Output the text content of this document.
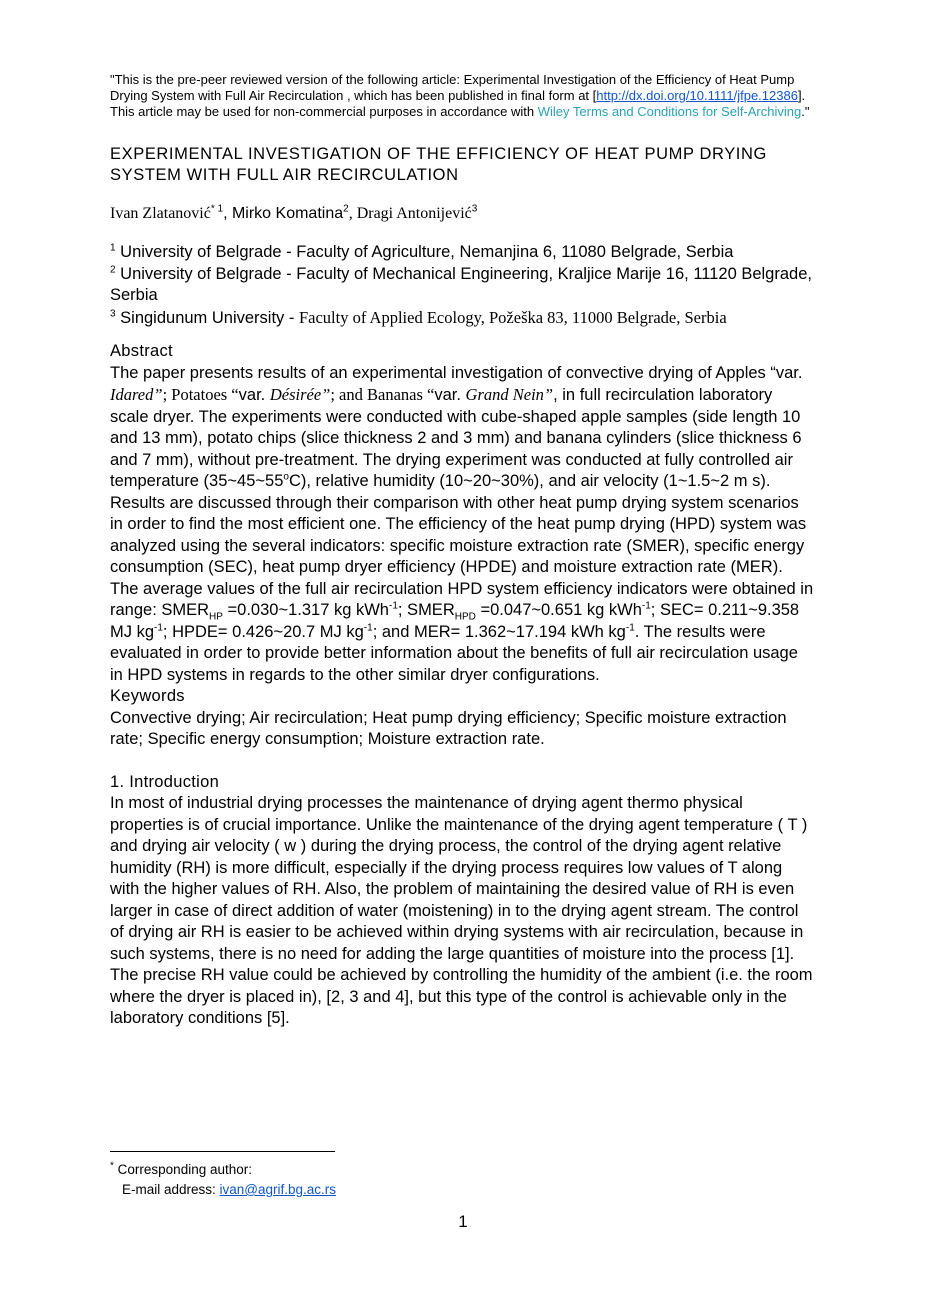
"This is the pre-peer reviewed version of the following article: Experimental Investigation of the Efficiency of Heat Pump Drying System with Full Air Recirculation , which has been published in final form at [http://dx.doi.org/10.1111/jfpe.12386]. This article may be used for non-commercial purposes in accordance with Wiley Terms and Conditions for Self-Archiving."
EXPERIMENTAL INVESTIGATION OF THE EFFICIENCY OF HEAT PUMP DRYING SYSTEM WITH FULL AIR RECIRCULATION
Ivan Zlatanović$^{* 1}$, Mirko Komatina$^2$, Dragi Antonijević$^3$
$^1$ University of Belgrade - Faculty of Agriculture, Nemanjina 6, 11080 Belgrade, Serbia
$^2$ University of Belgrade - Faculty of Mechanical Engineering, Kraljice Marije 16, 11120 Belgrade, Serbia
$^3$ Singidunum University - Faculty of Applied Ecology, Požeška 83, 11000 Belgrade, Serbia
Abstract
The paper presents results of an experimental investigation of convective drying of Apples “var. Idared”; Potatoes “var. Désirée”; and Bananas “var. Grand Nein”, in full recirculation laboratory scale dryer. The experiments were conducted with cube-shaped apple samples (side length 10 and 13 mm), potato chips (slice thickness 2 and 3 mm) and banana cylinders (slice thickness 6 and 7 mm), without pre-treatment. The drying experiment was conducted at fully controlled air temperature (35~45~55$^o$C), relative humidity (10~20~30%), and air velocity (1~1.5~2 m s). Results are discussed through their comparison with other heat pump drying system scenarios in order to find the most efficient one. The efficiency of the heat pump drying (HPD) system was analyzed using the several indicators: specific moisture extraction rate (SMER), specific energy consumption (SEC), heat pump dryer efficiency (HPDE) and moisture extraction rate (MER). The average values of the full air recirculation HPD system efficiency indicators were obtained in range: $SMER_{HP}$ =0.030~1.317 kg kWh$^{-1}$; $SMER_{HPD}$ =0.047~0.651 kg kWh$^{-1}$; SEC= 0.211~9.358 MJ $kg^{-1}$; HPDE= 0.426~20.7 MJ $kg^{-1}$; and MER= 1.362~17.194 kWh $kg^{-1}$. The results were evaluated in order to provide better information about the benefits of full air recirculation usage in HPD systems in regards to the other similar dryer configurations.
Keywords
Convective drying; Air recirculation; Heat pump drying efficiency; Specific moisture extraction rate; Specific energy consumption; Moisture extraction rate.
1. Introduction
In most of industrial drying processes the maintenance of drying agent thermo physical properties is of crucial importance. Unlike the maintenance of the drying agent temperature ( T ) and drying air velocity ( w ) during the drying process, the control of the drying agent relative humidity (RH) is more difficult, especially if the drying process requires low values of T along with the higher values of RH. Also, the problem of maintaining the desired value of RH is even larger in case of direct addition of water (moistening) in to the drying agent stream. The control of drying air RH is easier to be achieved within drying systems with air recirculation, because in such systems, there is no need for adding the large quantities of moisture into the process [1]. The precise RH value could be achieved by controlling the humidity of the ambient (i.e. the room where the dryer is placed in), [2, 3 and 4], but this type of the control is achievable only in the laboratory conditions [5].
* Corresponding author:
E-mail address: ivan@agrif.bg.ac.rs
1
